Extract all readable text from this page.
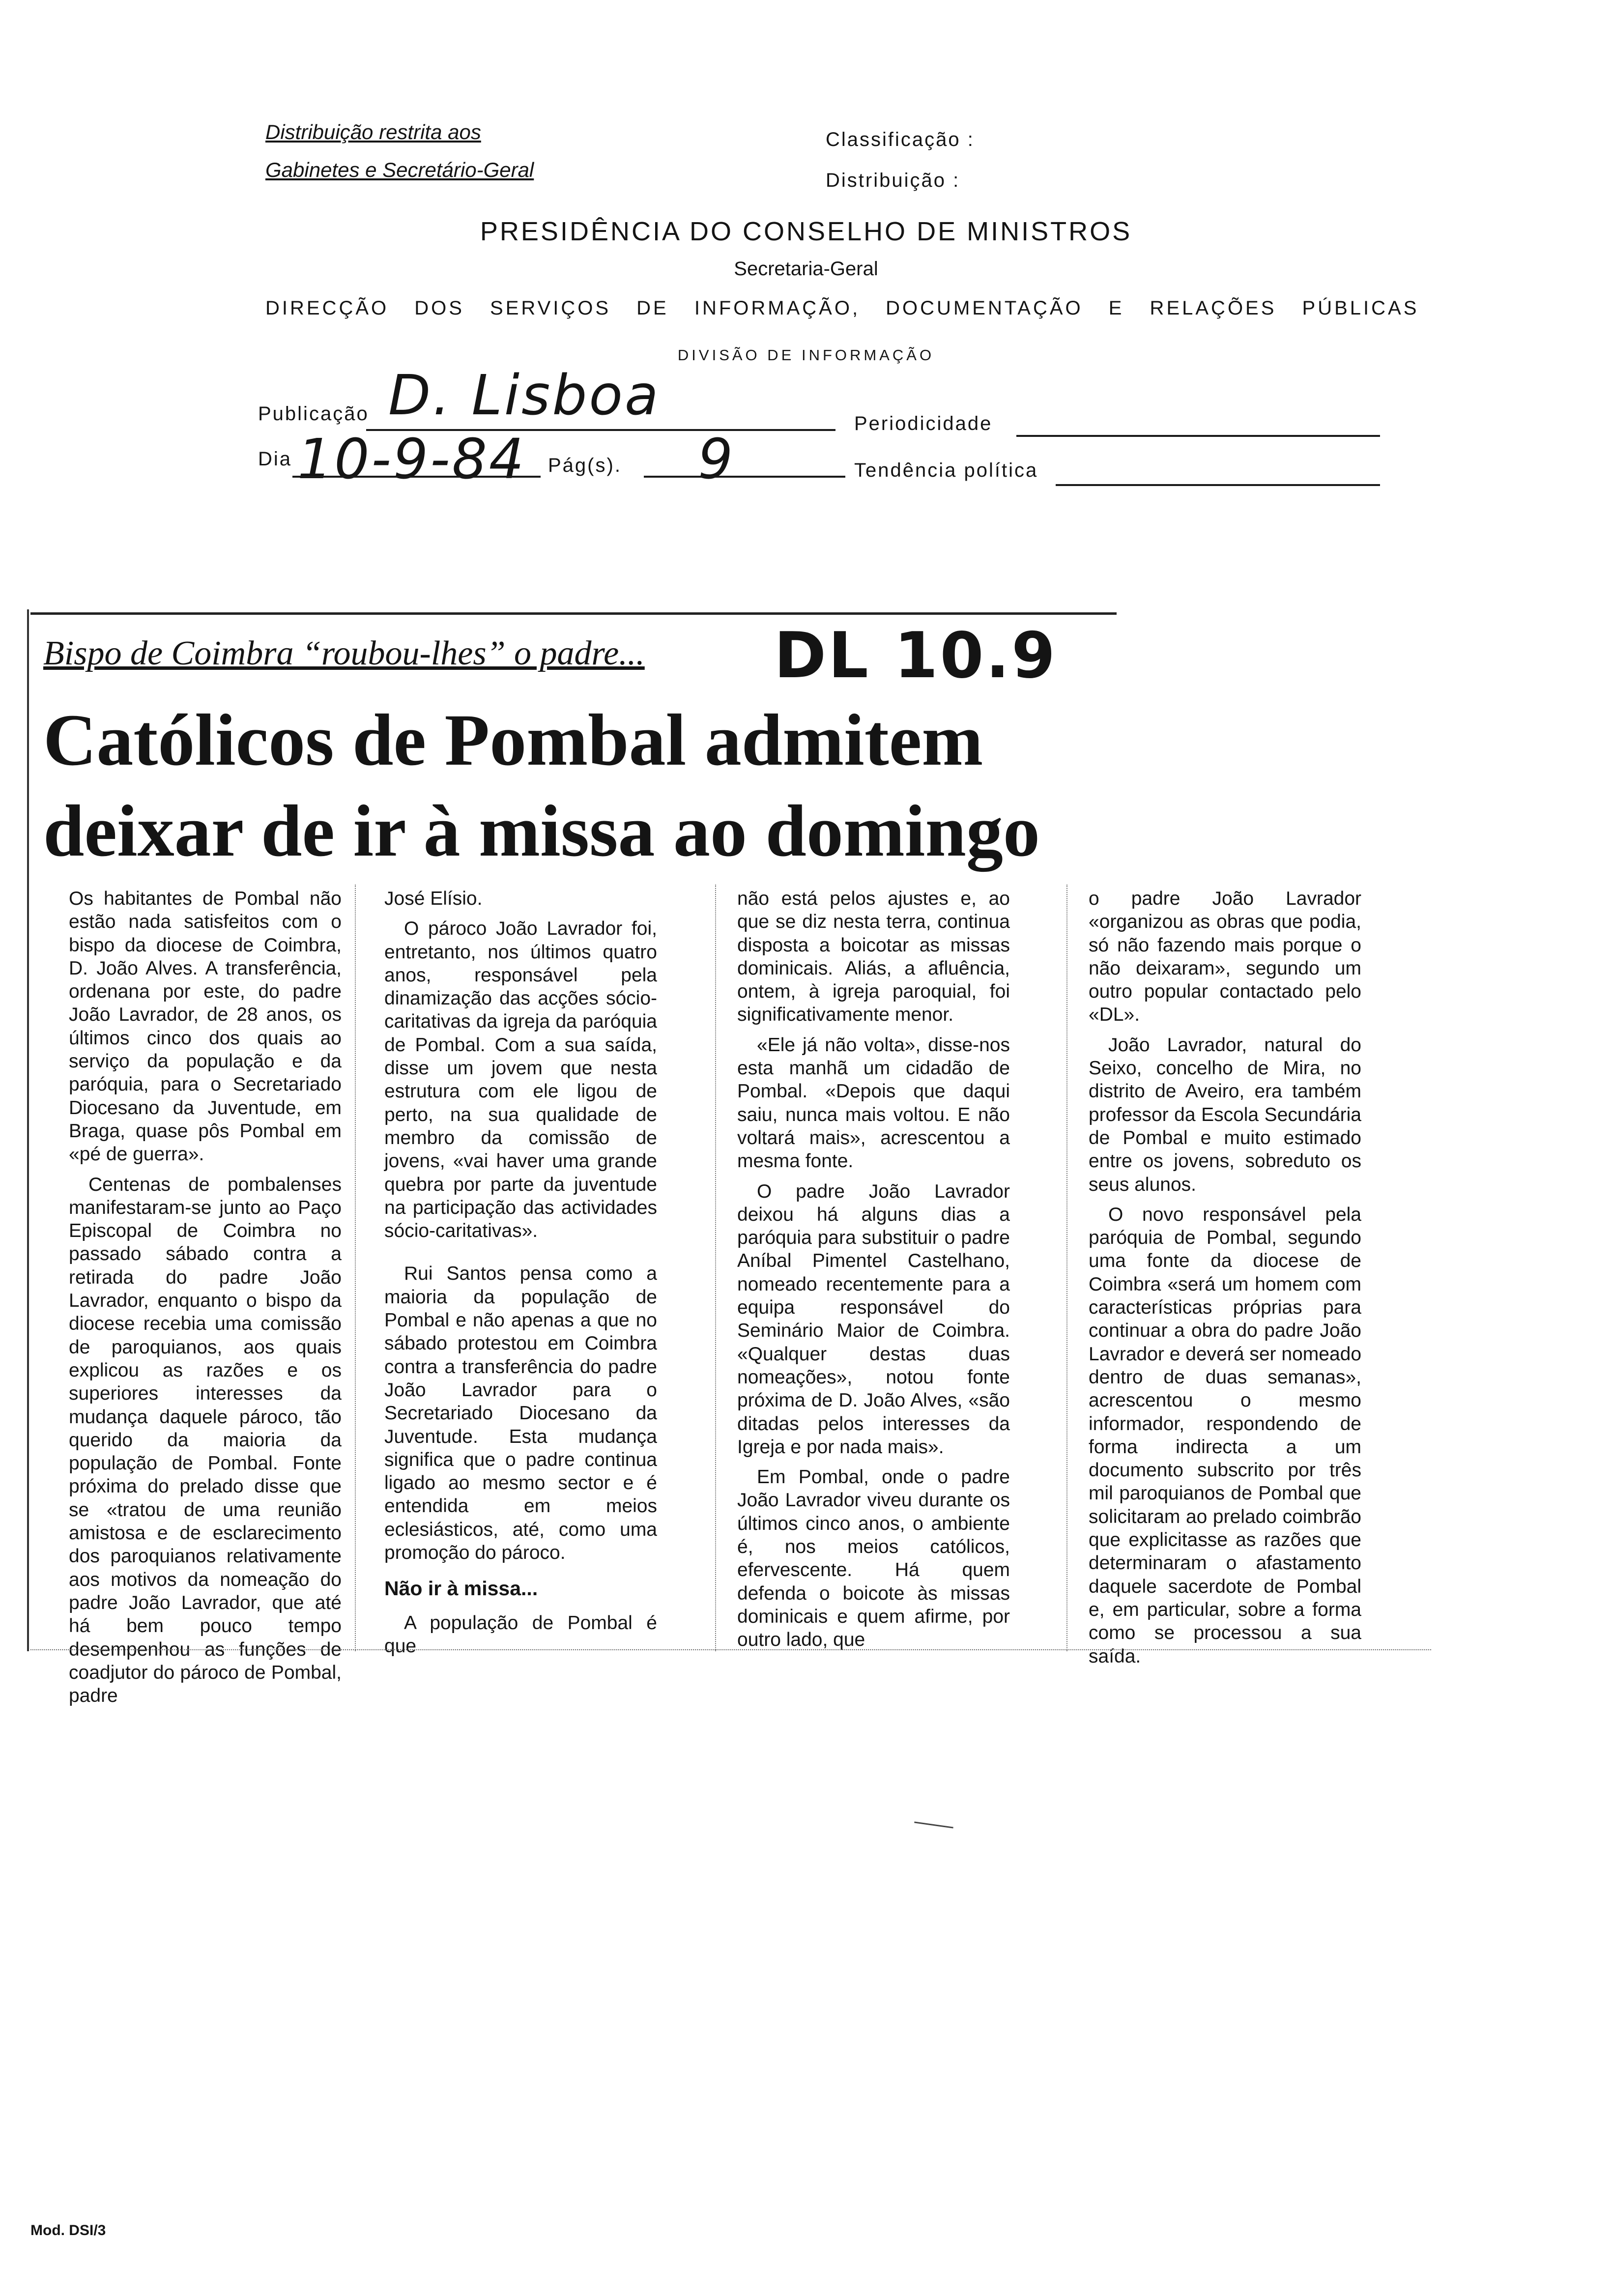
Distribuição restrita aos
Gabinetes e Secretário-Geral
Classificação :
Distribuição :
PRESIDÊNCIA DO CONSELHO DE MINISTROS
Secretaria-Geral
DIRECÇÃO DOS SERVIÇOS DE INFORMAÇÃO, DOCUMENTAÇÃO E RELAÇÕES PÚBLICAS
DIVISÃO DE INFORMAÇÃO
Publicação D. Lisboa	Periodicidade
Dia 10-9-84 Pág(s). 9	Tendência política
Bispo de Coimbra “roubou-lhes” o padre... DL 10.9
Católicos de Pombal admitem
deixar de ir à missa ao domingo

Os habitantes de Pombal não estão nada satisfeitos com o bispo da diocese de Coimbra, D. João Alves. A transferência, ordenana por este, do padre João Lavrador, de 28 anos, os últimos cinco dos quais ao serviço da população e da paróquia, para o Secretariado Diocesano da Juventude, em Braga, quase pôs Pombal em «pé de guerra».

Centenas de pombalenses manifestaram-se junto ao Paço Episcopal de Coimbra no passado sábado contra a retirada do padre João Lavrador, enquanto o bispo da diocese recebia uma comissão de paroquianos, aos quais explicou as razões e os superiores interesses da mudança daquele pároco, tão querido da maioria da população de Pombal. Fonte próxima do prelado disse que se «tratou de uma reunião amistosa e de esclarecimento dos paroquianos relativamente aos motivos da nomeação do padre João Lavrador, que até há bem pouco tempo desempenhou as funções de coadjutor do pároco de Pombal, padre

José Elísio.

O pároco João Lavrador foi, entretanto, nos últimos quatro anos, responsável pela dinamização das acções sócio-caritativas da igreja da paróquia de Pombal. Com a sua saída, disse um jovem que nesta estrutura com ele ligou de perto, na sua qualidade de membro da comissão de jovens, «vai haver uma grande quebra por parte da juventude na participação das actividades sócio-caritativas».

Rui Santos pensa como a maioria da população de Pombal e não apenas a que no sábado protestou em Coimbra contra a transferência do padre João Lavrador para o Secretariado Diocesano da Juventude. Esta mudança significa que o padre continua ligado ao mesmo sector e é entendida em meios eclesiásticos, até, como uma promoção do pároco.

Não ir à missa...

A população de Pombal é que

não está pelos ajustes e, ao que se diz nesta terra, continua disposta a boicotar as missas dominicais. Aliás, a afluência, ontem, à igreja paroquial, foi significativamente menor.

«Ele já não volta», disse-nos esta manhã um cidadão de Pombal. «Depois que daqui saiu, nunca mais voltou. E não voltará mais», acrescentou a mesma fonte.

O padre João Lavrador deixou há alguns dias a paróquia para substituir o padre Aníbal Pimentel Castelhano, nomeado recentemente para a equipa responsável do Seminário Maior de Coimbra. «Qualquer destas duas nomeações», notou fonte próxima de D. João Alves, «são ditadas pelos interesses da Igreja e por nada mais».

Em Pombal, onde o padre João Lavrador viveu durante os últimos cinco anos, o ambiente é, nos meios católicos, efervescente. Há quem defenda o boicote às missas dominicais e quem afirme, por outro lado, que

o padre João Lavrador «organizou as obras que podia, só não fazendo mais porque o não deixaram», segundo um outro popular contactado pelo «DL».

João Lavrador, natural do Seixo, concelho de Mira, no distrito de Aveiro, era também professor da Escola Secundária de Pombal e muito estimado entre os jovens, sobreduto os seus alunos.

O novo responsável pela paróquia de Pombal, segundo uma fonte da diocese de Coimbra «será um homem com características próprias para continuar a obra do padre João Lavrador e deverá ser nomeado dentro de duas semanas», acrescentou o mesmo informador, respondendo de forma indirecta a um documento subscrito por três mil paroquianos de Pombal que solicitaram ao prelado coimbrão que explicitasse as razões que determinaram o afastamento daquele sacerdote de Pombal e, em particular, sobre a forma como se processou a sua saída.

Mod. DSI/3
